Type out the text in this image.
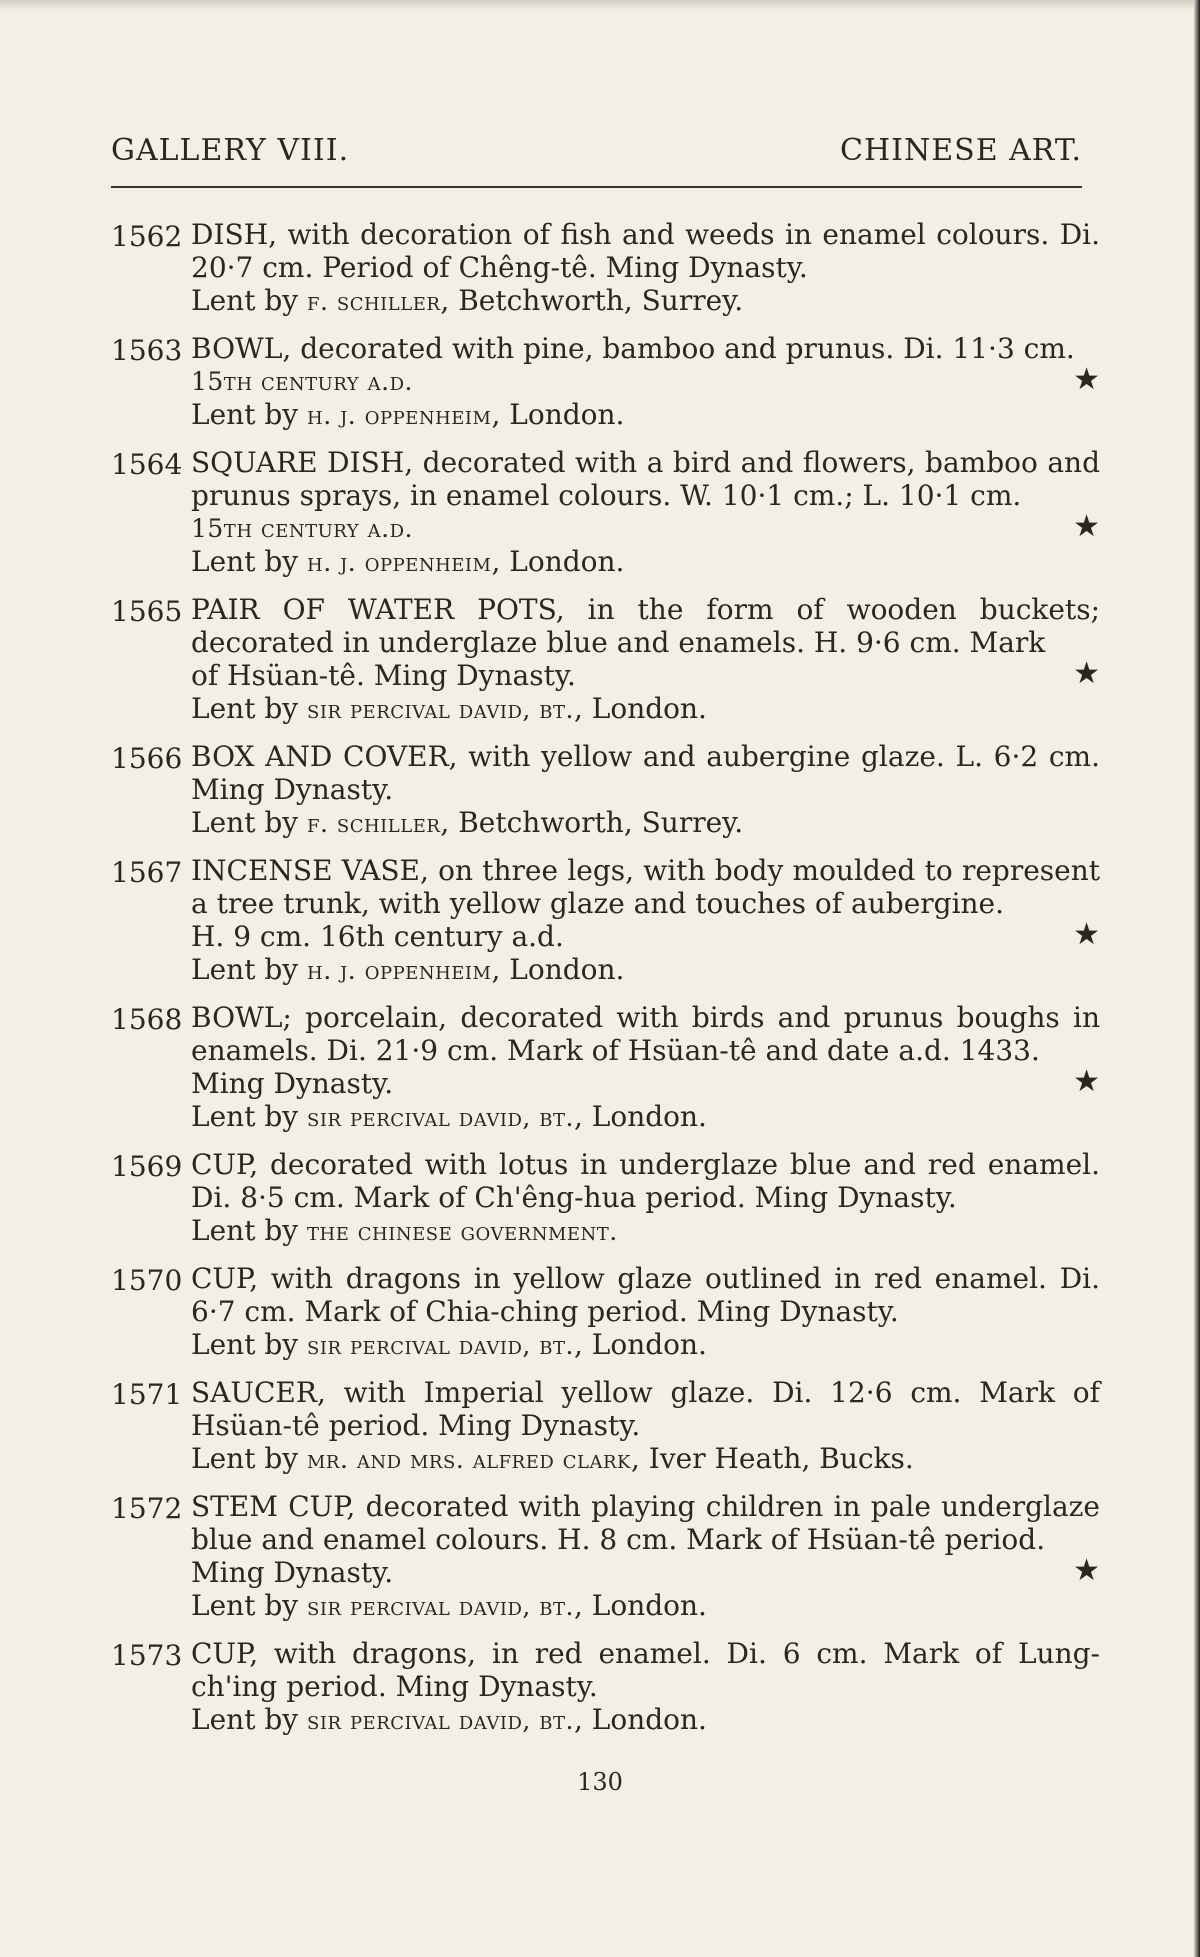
GALLERY VIII.	CHINESE ART.
1562 DISH, with decoration of fish and weeds in enamel colours. Di. 20·7 cm. Period of Chêng-tê. Ming Dynasty.
Lent by f. schiller, Betchworth, Surrey.
1563 BOWL, decorated with pine, bamboo and prunus. Di. 11·3 cm.
15th century a.d.	★
Lent by h. j. oppenheim, London.
1564 SQUARE DISH, decorated with a bird and flowers, bamboo and prunus sprays, in enamel colours. W. 10·1 cm.; L. 10·1 cm.
15th century a.d.	★
Lent by h. j. oppenheim, London.
1565 PAIR OF WATER POTS, in the form of wooden buckets; decorated in underglaze blue and enamels. H. 9·6 cm. Mark
of Hsüan-tê. Ming Dynasty.	★
Lent by sir percival david, bt., London.
1566 BOX AND COVER, with yellow and aubergine glaze. L. 6·2 cm. Ming Dynasty.
Lent by f. schiller, Betchworth, Surrey.
1567 INCENSE VASE, on three legs, with body moulded to represent a tree trunk, with yellow glaze and touches of aubergine.
H. 9 cm. 16th century a.d.	★
Lent by h. j. oppenheim, London.
1568 BOWL; porcelain, decorated with birds and prunus boughs in enamels. Di. 21·9 cm. Mark of Hsüan-tê and date a.d. 1433.
Ming Dynasty.	★
Lent by sir percival david, bt., London.
1569 CUP, decorated with lotus in underglaze blue and red enamel. Di. 8·5 cm. Mark of Ch'êng-hua period. Ming Dynasty.
Lent by the chinese government.
1570 CUP, with dragons in yellow glaze outlined in red enamel. Di. 6·7 cm. Mark of Chia-ching period. Ming Dynasty.
Lent by sir percival david, bt., London.
1571 SAUCER, with Imperial yellow glaze. Di. 12·6 cm. Mark of Hsüan-tê period. Ming Dynasty.
Lent by mr. and mrs. alfred clark, Iver Heath, Bucks.
1572 STEM CUP, decorated with playing children in pale underglaze blue and enamel colours. H. 8 cm. Mark of Hsüan-tê period.
Ming Dynasty.	★
Lent by sir percival david, bt., London.
1573 CUP, with dragons, in red enamel. Di. 6 cm. Mark of Lung-ch'ing period. Ming Dynasty.
Lent by sir percival david, bt., London.
130
